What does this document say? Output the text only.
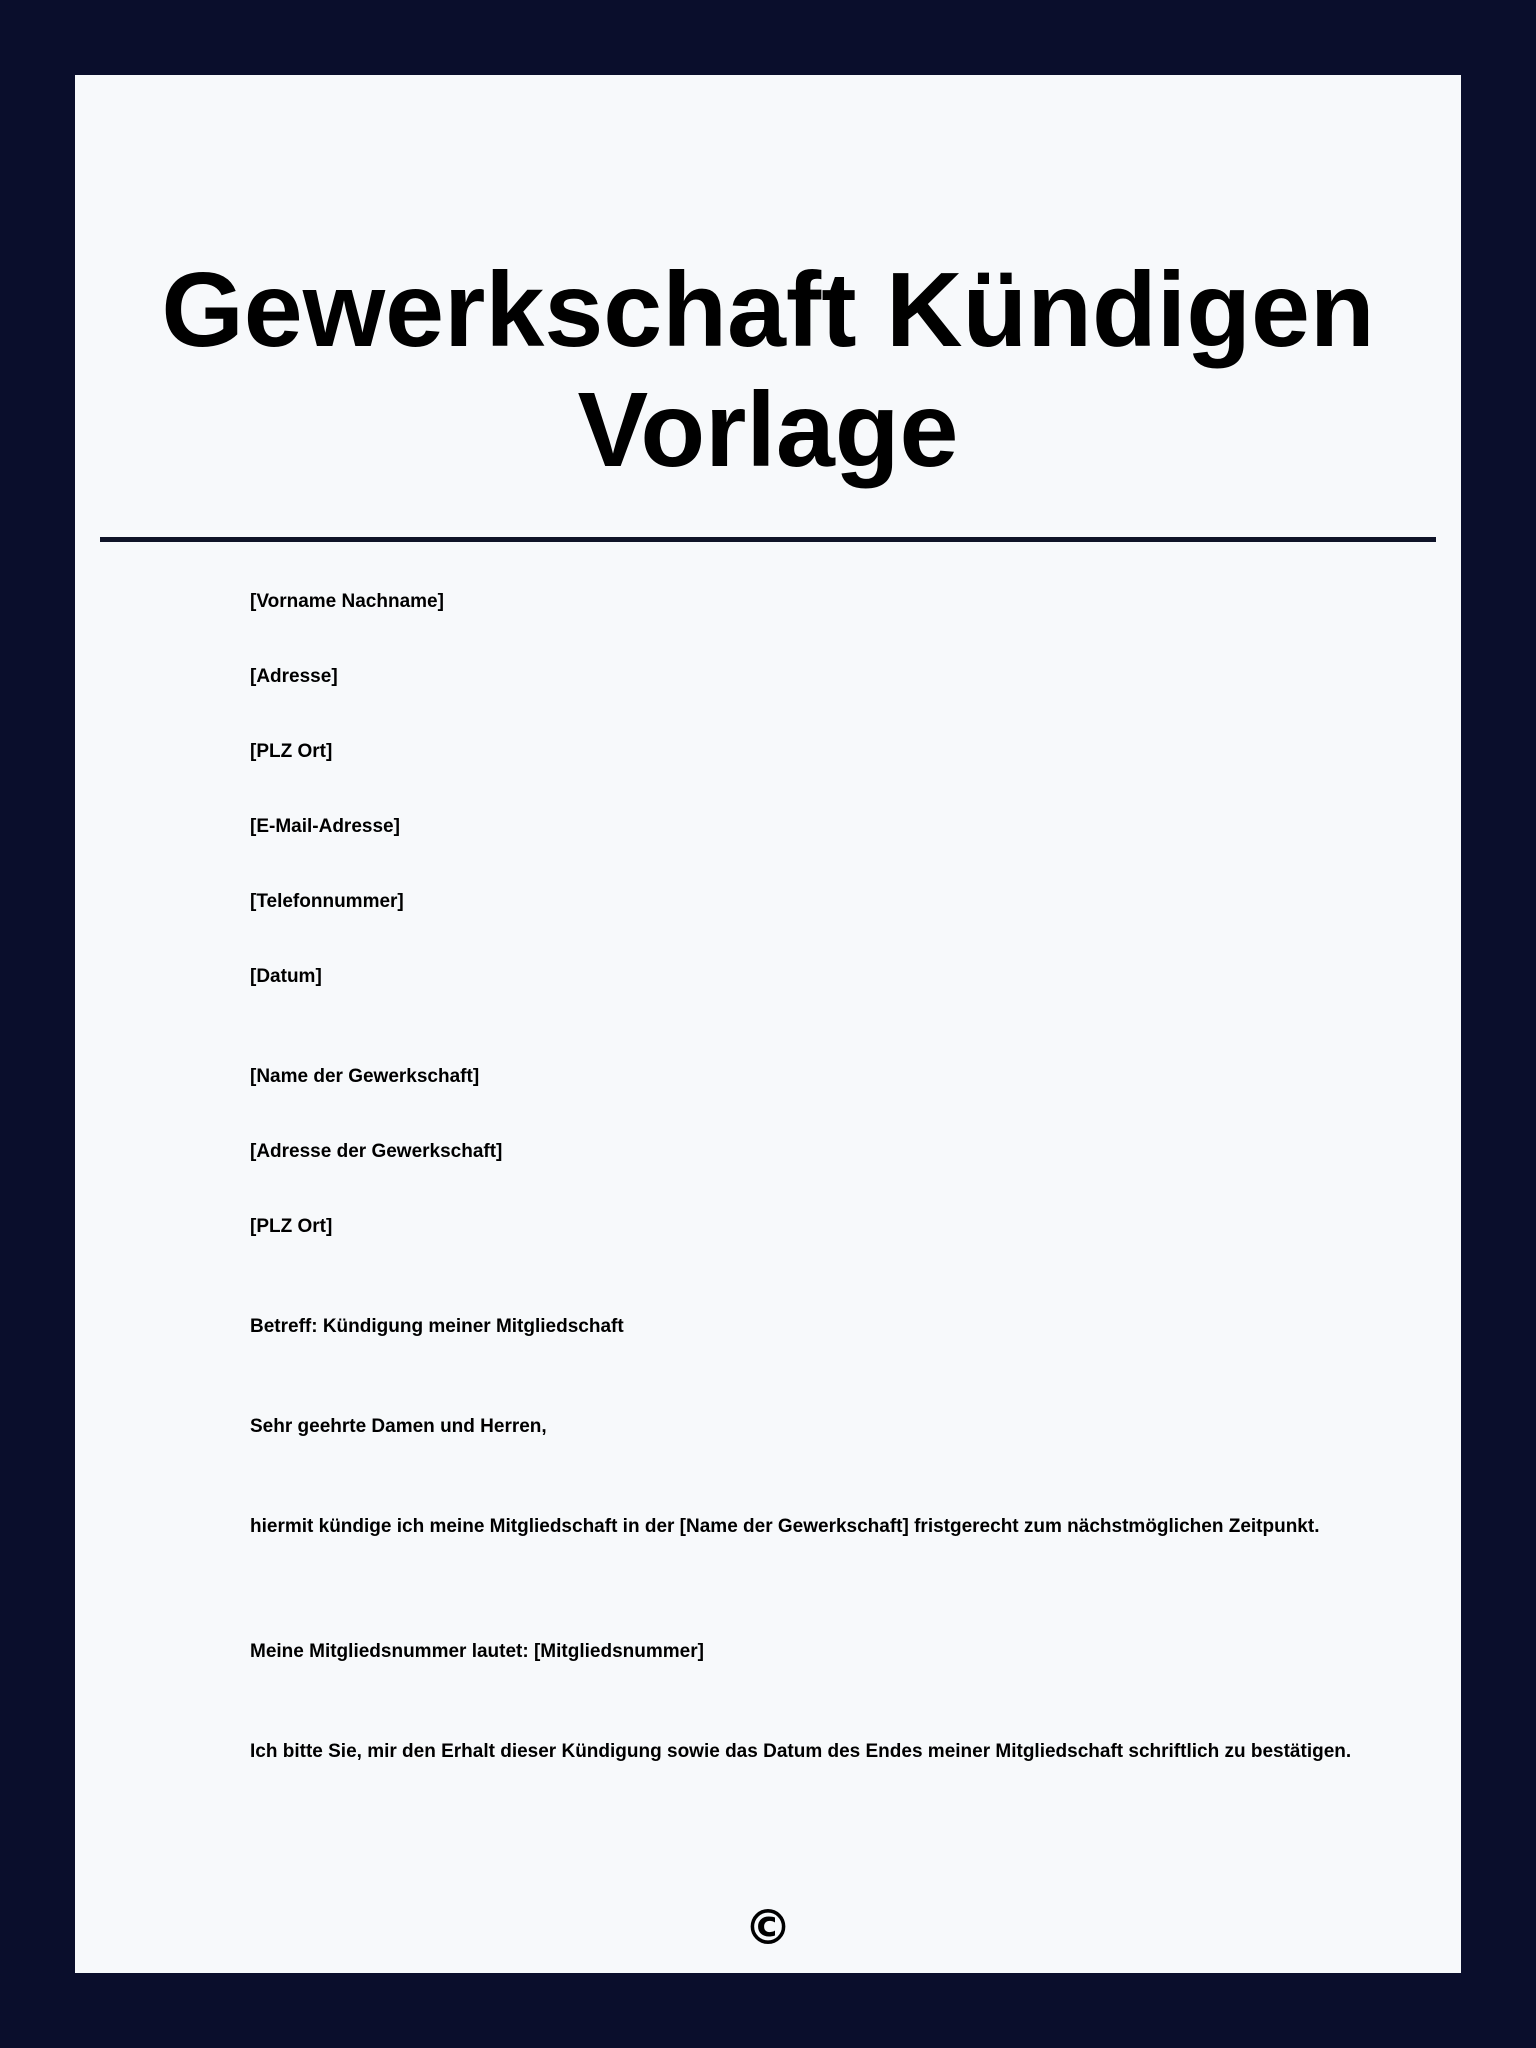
Gewerkschaft Kündigen Vorlage

[Vorname Nachname]

[Adresse]

[PLZ Ort]

[E-Mail-Adresse]

[Telefonnummer]

[Datum]

[Name der Gewerkschaft]

[Adresse der Gewerkschaft]

[PLZ Ort]

Betreff: Kündigung meiner Mitgliedschaft

Sehr geehrte Damen und Herren,

hiermit kündige ich meine Mitgliedschaft in der [Name der Gewerkschaft] fristgerecht zum nächstmöglichen Zeitpunkt.

Meine Mitgliedsnummer lautet: [Mitgliedsnummer]

Ich bitte Sie, mir den Erhalt dieser Kündigung sowie das Datum des Endes meiner Mitgliedschaft schriftlich zu bestätigen.

©
